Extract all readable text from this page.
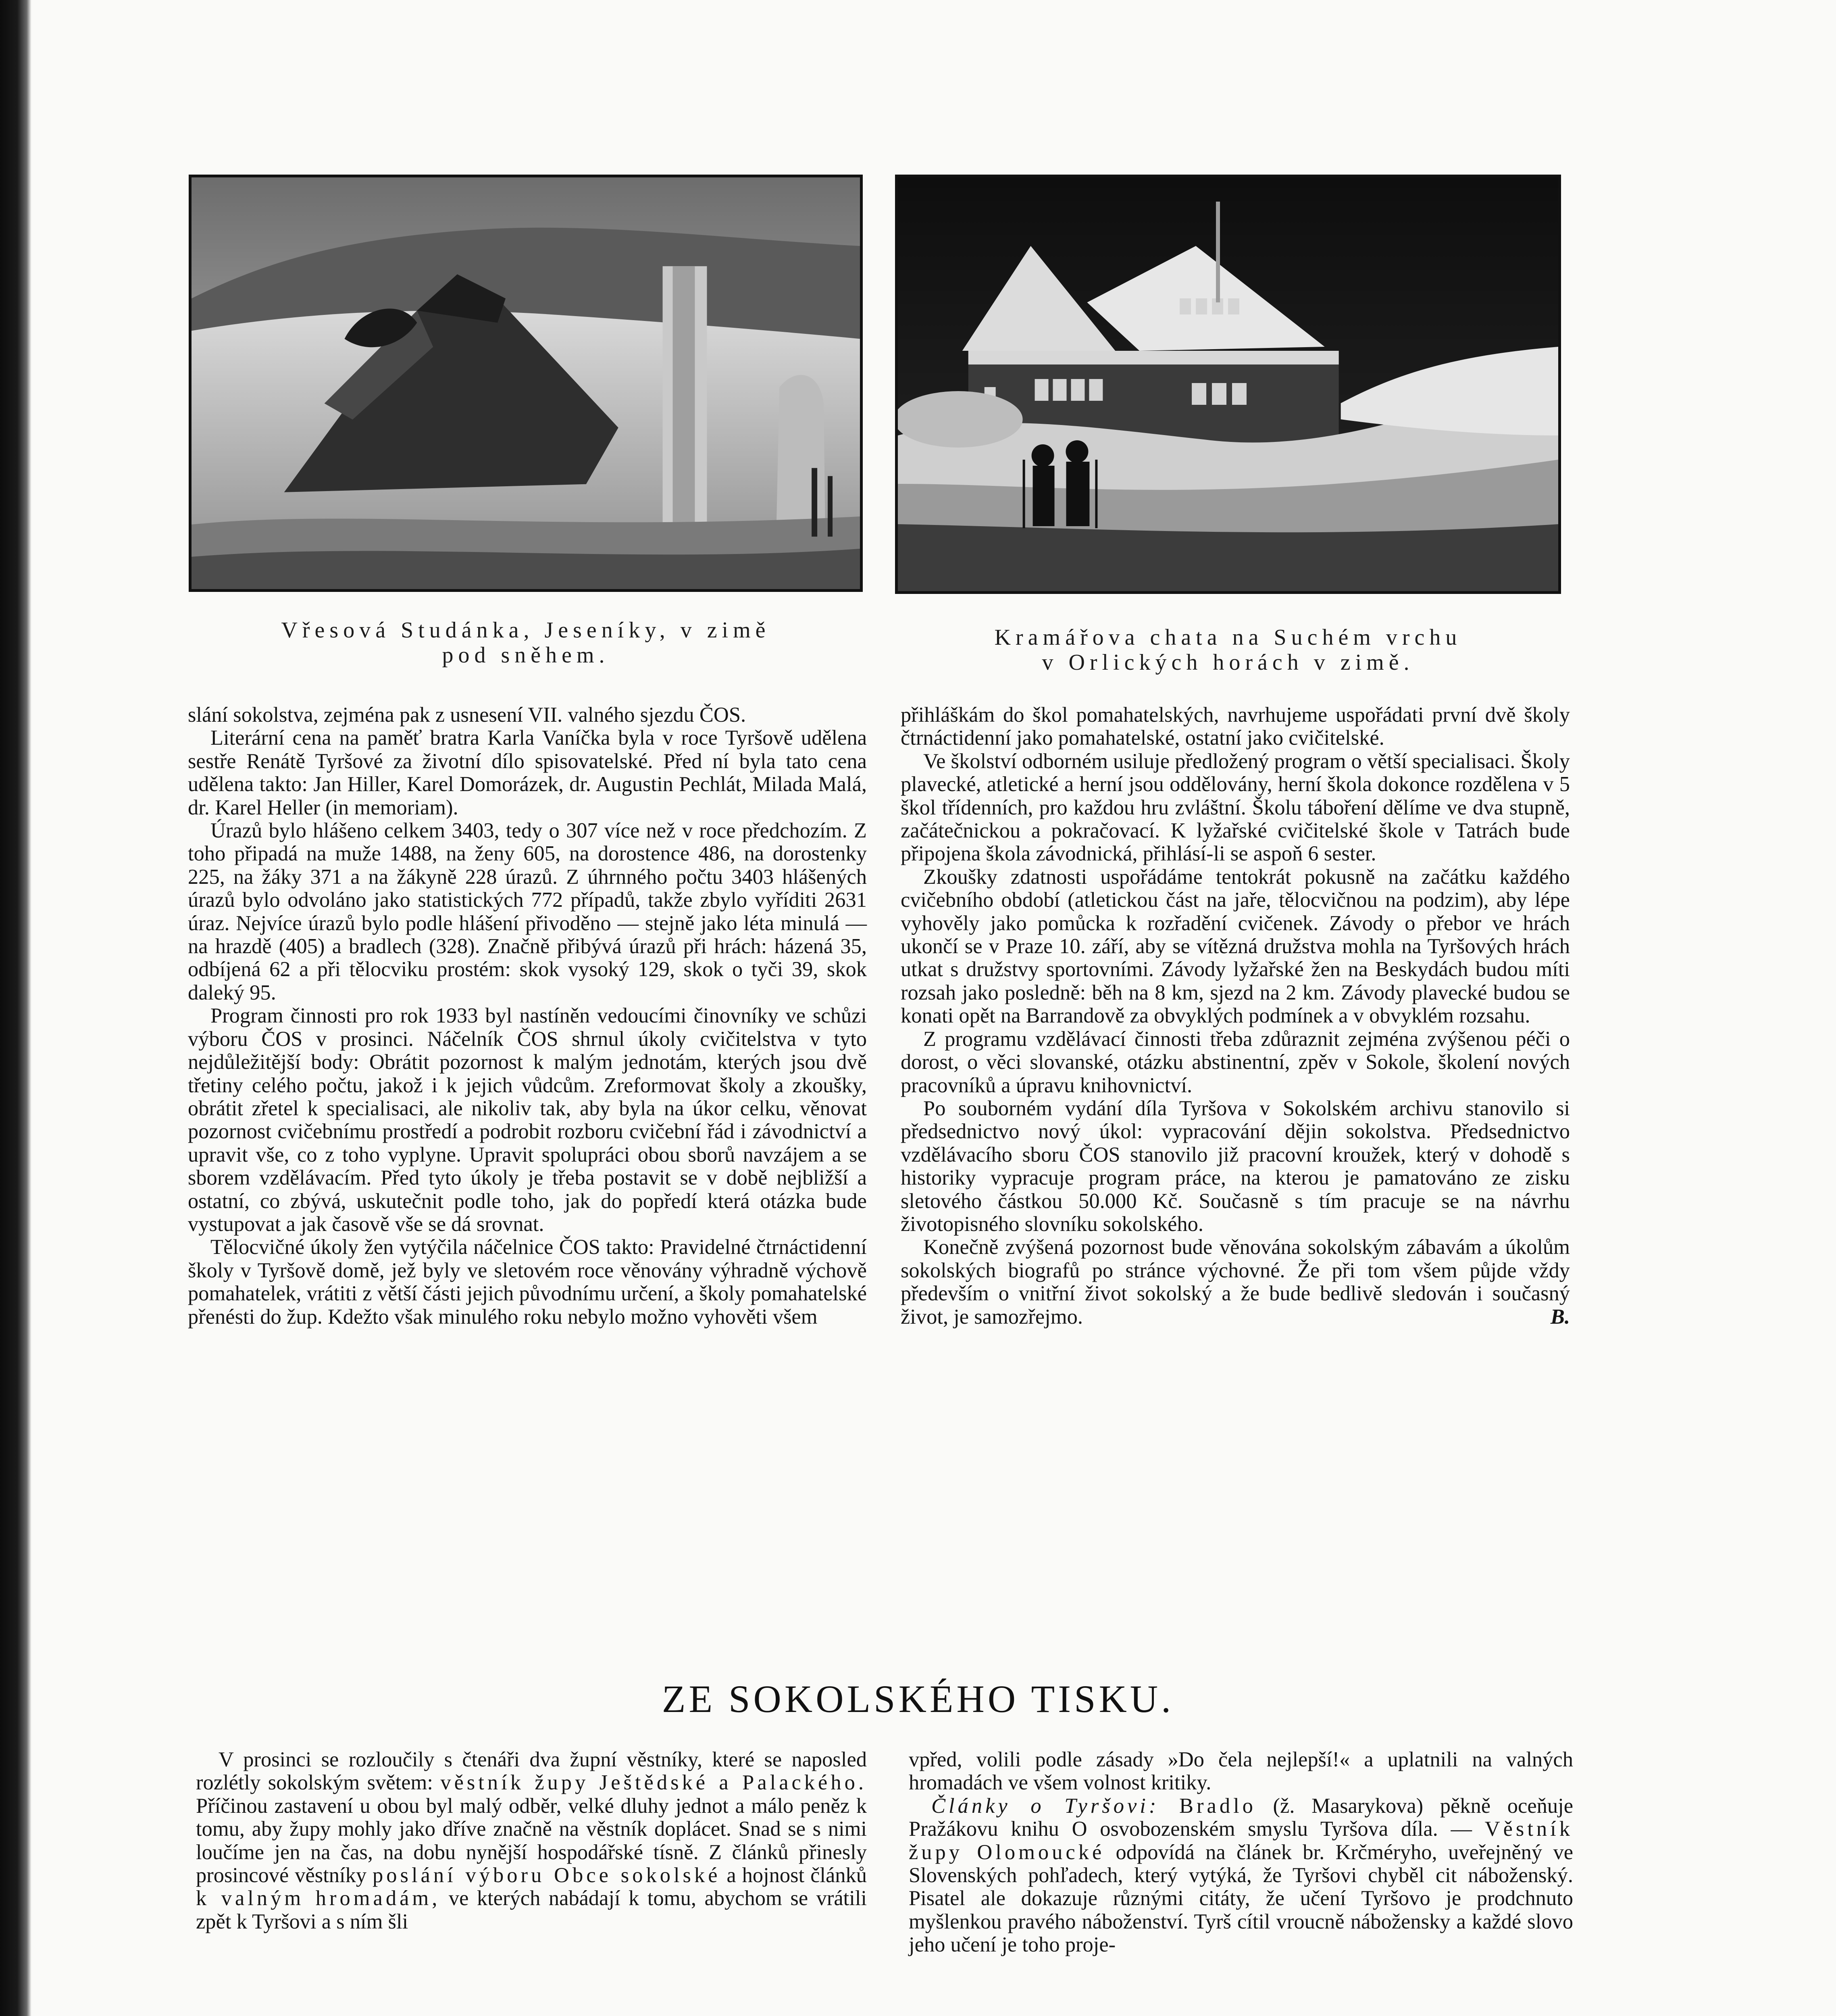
Vřesová Studánka, Jeseníky, v zimě
pod sněhem.
Kramářova chata na Suchém vrchu
v Orlických horách v zimě.

slání sokolstva, zejména pak z usnesení VII. valného sjezdu ČOS.

Literární cena na paměť bratra Karla Vaníčka byla v roce Tyršově udělena sestře Renátě Tyršové za životní dílo spisovatelské. Před ní byla tato cena udělena takto: Jan Hiller, Karel Domorázek, dr. Augustin Pechlát, Milada Malá, dr. Karel Heller (in memoriam).

Úrazů bylo hlášeno celkem 3403, tedy o 307 více než v roce předchozím. Z toho připadá na muže 1488, na ženy 605, na dorostence 486, na dorostenky 225, na žáky 371 a na žákyně 228 úrazů. Z úhrnného počtu 3403 hlášených úrazů bylo odvoláno jako statistických 772 případů, takže zbylo vyříditi 2631 úraz. Nejvíce úrazů bylo podle hlášení přivoděno — stejně jako léta minulá — na hrazdě (405) a bradlech (328). Značně přibývá úrazů při hrách: házená 35, odbíjená 62 a při tělocviku prostém: skok vysoký 129, skok o tyči 39, skok daleký 95.

Program činnosti pro rok 1933 byl nastíněn vedoucími činovníky ve schůzi výboru ČOS v prosinci. Náčelník ČOS shrnul úkoly cvičitelstva v tyto nejdůležitější body: Obrátit pozornost k malým jednotám, kterých jsou dvě třetiny celého počtu, jakož i k jejich vůdcům. Zreformovat školy a zkoušky, obrátit zřetel k specialisaci, ale nikoliv tak, aby byla na úkor celku, věnovat pozornost cvičebnímu prostředí a podrobit rozboru cvičební řád i závodnictví a upravit vše, co z toho vyplyne. Upravit spolupráci obou sborů navzájem a se sborem vzdělávacím. Před tyto úkoly je třeba postavit se v době nejbližší a ostatní, co zbývá, uskutečnit podle toho, jak do popředí která otázka bude vystupovat a jak časově vše se dá srovnat.

Tělocvičné úkoly žen vytýčila náčelnice ČOS takto: Pravidelné čtrnáctidenní školy v Tyršově domě, jež byly ve sletovém roce věnovány výhradně výchově pomahatelek, vrátiti z větší části jejich původnímu určení, a školy pomahatelské přenésti do žup. Kdežto však minulého roku nebylo možno vyhověti všem

přihláškám do škol pomahatelských, navrhujeme uspořádati první dvě školy čtrnáctidenní jako pomahatelské, ostatní jako cvičitelské.

Ve školství odborném usiluje předložený program o větší specialisaci. Školy plavecké, atletické a herní jsou oddělovány, herní škola dokonce rozdělena v 5 škol třídenních, pro každou hru zvláštní. Školu táboření dělíme ve dva stupně, začátečnickou a pokračovací. K lyžařské cvičitelské škole v Tatrách bude připojena škola závodnická, přihlásí-li se aspoň 6 sester.

Zkoušky zdatnosti uspořádáme tentokrát pokusně na začátku každého cvičebního období (atletickou část na jaře, tělocvičnou na podzim), aby lépe vyhověly jako pomůcka k rozřadění cvičenek. Závody o přebor ve hrách ukončí se v Praze 10. září, aby se vítězná družstva mohla na Tyršových hrách utkat s družstvy sportovními. Závody lyžařské žen na Beskydách budou míti rozsah jako posledně: běh na 8 km, sjezd na 2 km. Závody plavecké budou se konati opět na Barrandově za obvyklých podmínek a v obvyklém rozsahu.

Z programu vzdělávací činnosti třeba zdůraznit zejména zvýšenou péči o dorost, o věci slovanské, otázku abstinentní, zpěv v Sokole, školení nových pracovníků a úpravu knihovnictví.

Po souborném vydání díla Tyršova v Sokolském archivu stanovilo si předsednictvo nový úkol: vypracování dějin sokolstva. Předsednictvo vzdělávacího sboru ČOS stanovilo již pracovní kroužek, který v dohodě s historiky vypracuje program práce, na kterou je pamatováno ze zisku sletového částkou 50.000 Kč. Současně s tím pracuje se na návrhu životopisného slovníku sokolského.

Konečně zvýšená pozornost bude věnována sokolským zábavám a úkolům sokolských biografů po stránce výchovné. Že při tom všem půjde vždy především o vnitřní život sokolský a že bude bedlivě sledován i současný život, je samozřejmo.	B.

ZE SOKOLSKÉHO TISKU.

V prosinci se rozloučily s čtenáři dva župní věstníky, které se naposled rozlétly sokolským světem: věstník župy Ještědské a Palackého. Příčinou zastavení u obou byl malý odběr, velké dluhy jednot a málo peněz k tomu, aby župy mohly jako dříve značně na věstník doplácet. Snad se s nimi loučíme jen na čas, na dobu nynější hospodářské tísně. Z článků přinesly prosincové věstníky poslání výboru Obce sokolské a hojnost článků k valným hromadám, ve kterých nabádají k tomu, abychom se vrátili zpět k Tyršovi a s ním šli

vpřed, volili podle zásady »Do čela nejlepší!« a uplatnili na valných hromadách ve všem volnost kritiky.

Články o Tyršovi: Bradlo (ž. Masarykova) pěkně oceňuje Pražákovu knihu O osvobozenském smyslu Tyršova díla. — Věstník župy Olomoucké odpovídá na článek br. Krčméryho, uveřejněný ve Slovenských pohľadech, který vytýká, že Tyršovi chyběl cit náboženský. Pisatel ale dokazuje různými citáty, že učení Tyršovo je prodchnuto myšlenkou pravého náboženství. Tyrš cítil vroucně nábožensky a každé slovo jeho učení je toho proje-
